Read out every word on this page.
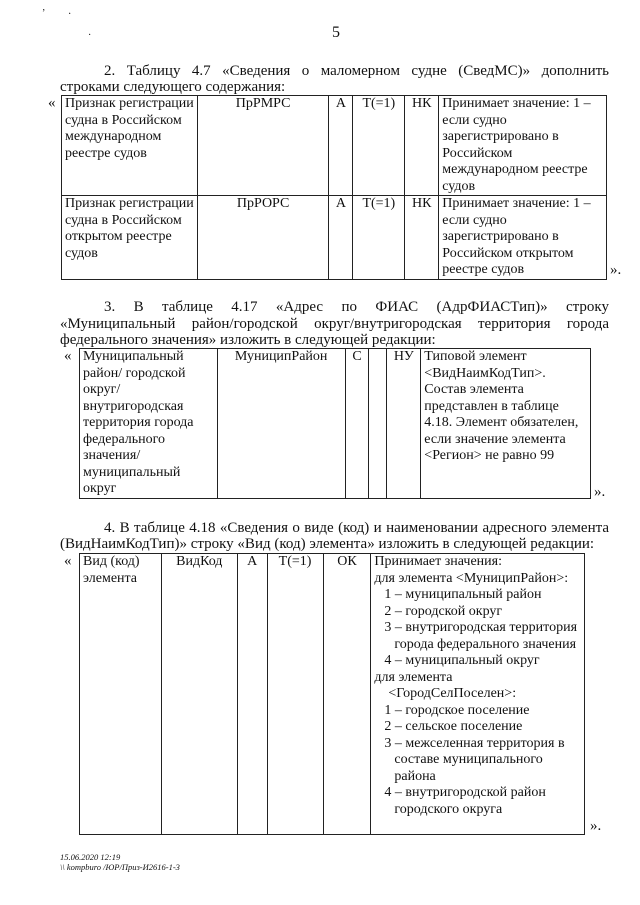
’ ․
·	5
2. Таблицу 4.7 «Сведения о маломерном судне (СведМС)» дополнить
строками следующего содержания:
« Признак регистрации судна в Российском международном реестре судов	ПрРМРС	А	Т(=1)	НК	Принимает значение: 1 – если судно зарегистрировано в Российском международном реестре судов
Признак регистрации судна в Российском открытом реестре судов	ПрРОРС	А	Т(=1)	НК	Принимает значение: 1 – если судно зарегистрировано в Российском открытом реестре судов	».
3. В таблице 4.17 «Адрес по ФИАС (АдрФИАСТип)» строку
«Муниципальный район/городской округ/внутригородская территория города
федерального значения» изложить в следующей редакции:
« Муниципальный район/ городской округ/ внутригородская территория города федерального значения/ муниципальный округ	МуниципРайон	С		НУ	Типовой элемент <ВидНаимКодТип>. Состав элемента представлен в таблице 4.18. Элемент обязателен, если значение элемента <Регион> не равно 99
».
4. В таблице 4.18 «Сведения о виде (код) и наименовании адресного элемента
(ВидНаимКодТип)» строку «Вид (код) элемента» изложить в следующей редакции:
« Вид (код) элемента	ВидКод	А	Т(=1)	ОК	Принимает значения:
для элемента <МуниципРайон>:
1 – муниципальный район
2 – городской округ
3 – внутригородская территория города федерального значения
4 – муниципальный округ
для элемента
<ГородСелПоселен>:
1 – городское поселение
2 – сельское поселение
3 – межселенная территория в составе муниципального района
4 – внутригородской район городского округа
».
15.06.2020 12:19
\\ kompburo /ЮР/Приз-И2616-1-3
